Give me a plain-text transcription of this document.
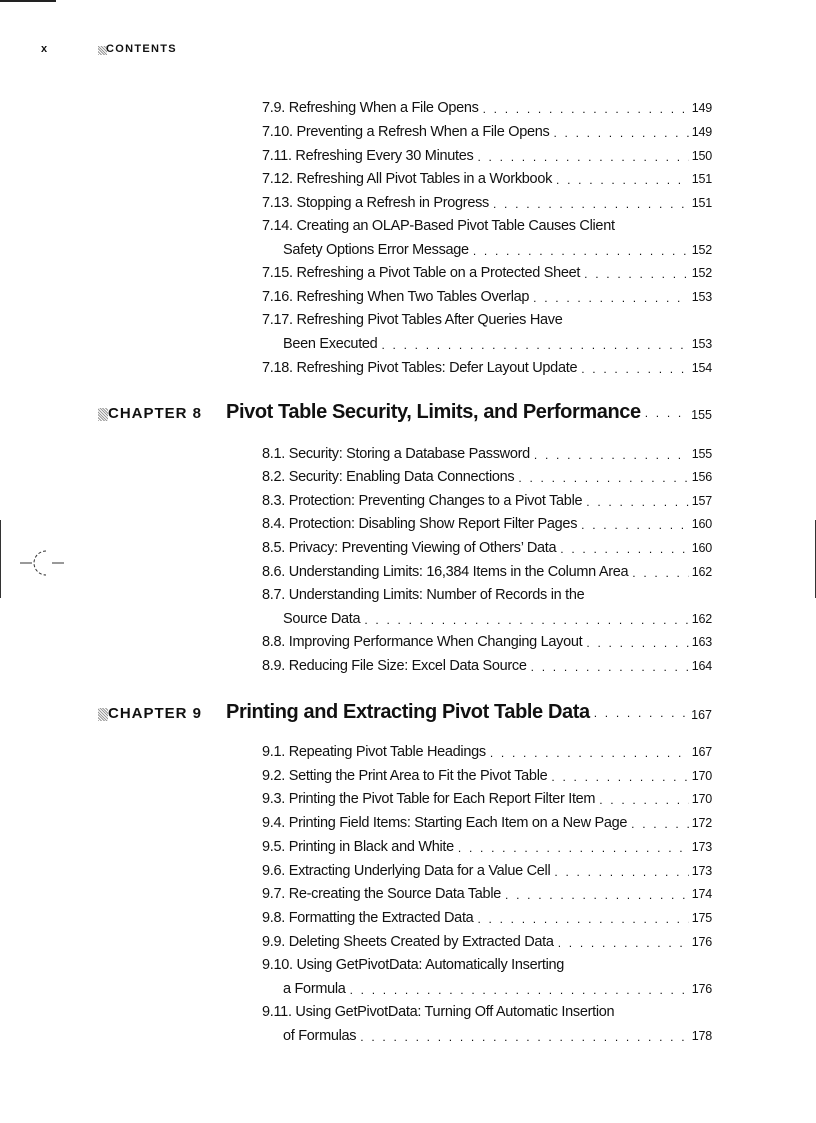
x	CONTENTS
7.9. Refreshing When a File Opens . . .	149
7.10. Preventing a Refresh When a File Opens . . .	149
7.11. Refreshing Every 30 Minutes . . .	150
7.12. Refreshing All Pivot Tables in a Workbook . . .	151
7.13. Stopping a Refresh in Progress . . .	151
7.14. Creating an OLAP-Based Pivot Table Causes Client
Safety Options Error Message . . .	152
7.15. Refreshing a Pivot Table on a Protected Sheet . . .	152
7.16. Refreshing When Two Tables Overlap . . .	153
7.17. Refreshing Pivot Tables After Queries Have
Been Executed . . .	153
7.18. Refreshing Pivot Tables: Defer Layout Update . . .	154
CHAPTER 8	Pivot Table Security, Limits, and Performance . . .	155
8.1. Security: Storing a Database Password . . .	155
8.2. Security: Enabling Data Connections . . .	156
8.3. Protection: Preventing Changes to a Pivot Table . . .	157
8.4. Protection: Disabling Show Report Filter Pages . . .	160
8.5. Privacy: Preventing Viewing of Others’ Data . . .	160
8.6. Understanding Limits: 16,384 Items in the Column Area . . .	162
8.7. Understanding Limits: Number of Records in the
Source Data . . .	162
8.8. Improving Performance When Changing Layout . . .	163
8.9. Reducing File Size: Excel Data Source . . .	164
CHAPTER 9	Printing and Extracting Pivot Table Data . . .	167
9.1. Repeating Pivot Table Headings . . .	167
9.2. Setting the Print Area to Fit the Pivot Table . . .	170
9.3. Printing the Pivot Table for Each Report Filter Item . . .	170
9.4. Printing Field Items: Starting Each Item on a New Page . . .	172
9.5. Printing in Black and White . . .	173
9.6. Extracting Underlying Data for a Value Cell . . .	173
9.7. Re-creating the Source Data Table . . .	174
9.8. Formatting the Extracted Data . . .	175
9.9. Deleting Sheets Created by Extracted Data . . .	176
9.10. Using GetPivotData: Automatically Inserting
a Formula . . .	176
9.11. Using GetPivotData: Turning Off Automatic Insertion
of Formulas . . .	178
